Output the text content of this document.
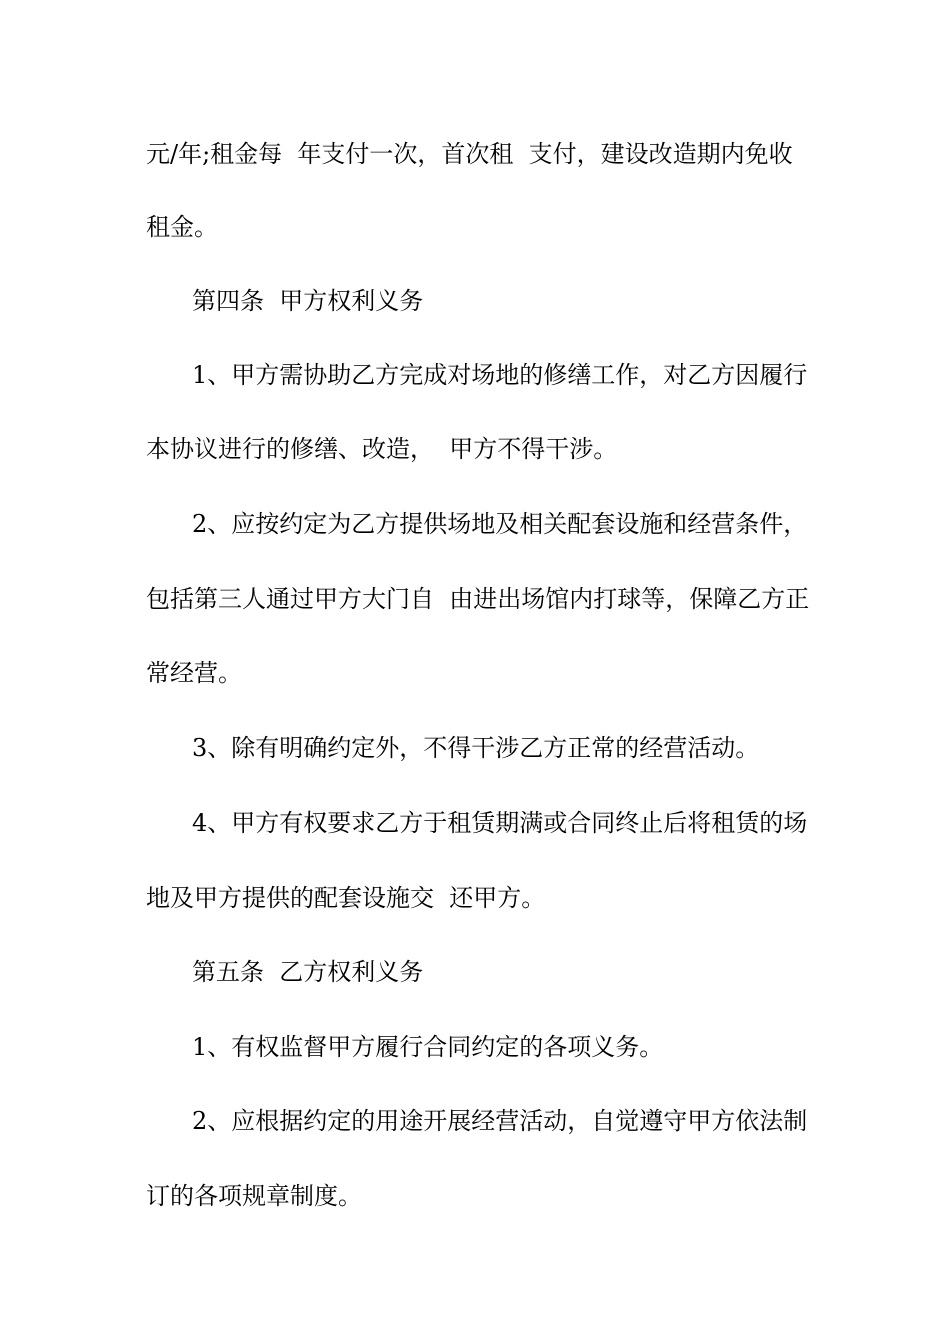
元/年;租金每  年支付一次，首次租  支付，建设改造期内免收
租金。
第四条  甲方权利义务
1、甲方需协助乙方完成对场地的修缮工作，对乙方因履行
本协议进行的修缮、改造，  甲方不得干涉。
2、应按约定为乙方提供场地及相关配套设施和经营条件，
包括第三人通过甲方大门自  由进出场馆内打球等，保障乙方正
常经营。
3、除有明确约定外，不得干涉乙方正常的经营活动。
4、甲方有权要求乙方于租赁期满或合同终止后将租赁的场
地及甲方提供的配套设施交  还甲方。
第五条  乙方权利义务
1、有权监督甲方履行合同约定的各项义务。
2、应根据约定的用途开展经营活动，自觉遵守甲方依法制
订的各项规章制度。
